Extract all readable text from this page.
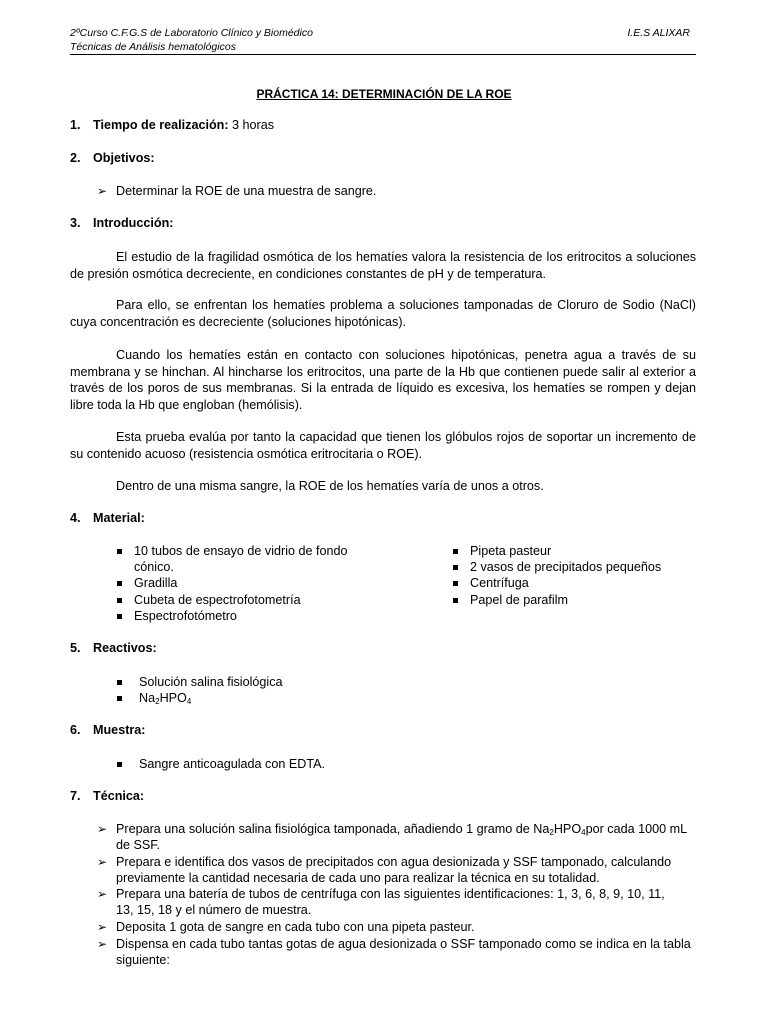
2ºCurso C.F.G.S de Laboratorio Clínico y Biomédico
Técnicas de Análisis hematológicos
I.E.S ALIXAR
PRÁCTICA 14: DETERMINACIÓN DE LA ROE
1. Tiempo de realización: 3 horas
2. Objetivos:
➢ Determinar la ROE de una muestra de sangre.
3. Introducción:
El estudio de la fragilidad osmótica de los hematíes valora la resistencia de los eritrocitos a soluciones de presión osmótica decreciente, en condiciones constantes de pH y de temperatura.
Para ello, se enfrentan los hematíes problema a soluciones tamponadas de Cloruro de Sodio (NaCl) cuya concentración es decreciente (soluciones hipotónicas).
Cuando los hematíes están en contacto con soluciones hipotónicas, penetra agua a través de su membrana y se hinchan. Al hincharse los eritrocitos, una parte de la Hb que contienen puede salir al exterior a través de los poros de sus membranas. Si la entrada de líquido es excesiva, los hematíes se rompen y dejan libre toda la Hb que engloban (hemólisis).
Esta prueba evalúa por tanto la capacidad que tienen los glóbulos rojos de soportar un incremento de su contenido acuoso (resistencia osmótica eritrocitaria o ROE).
Dentro de una misma sangre, la ROE de los hematíes varía de unos a otros.
4. Material:
10 tubos de ensayo de vidrio de fondo
cónico.
Gradilla
Cubeta de espectrofotometría
Espectrofotómetro
Pipeta pasteur
2 vasos de precipitados pequeños
Centrífuga
Papel de parafilm
5. Reactivos:
Solución salina fisiológica
$Na_2HPO_4$
6. Muestra:
Sangre anticoagulada con EDTA.
7. Técnica:
➢ Prepara una solución salina fisiológica tamponada, añadiendo 1 gramo de $Na_2HPO_4por$ cada 1000 mL
de SSF.
➢ Prepara e identifica dos vasos de precipitados con agua desionizada y SSF tamponado, calculando
previamente la cantidad necesaria de cada uno para realizar la técnica en su totalidad.
➢ Prepara una batería de tubos de centrífuga con las siguientes identificaciones: 1, 3, 6, 8, 9, 10, 11,
13, 15, 18 y el número de muestra.
➢ Deposita 1 gota de sangre en cada tubo con una pipeta pasteur.
➢ Dispensa en cada tubo tantas gotas de agua desionizada o SSF tamponado como se indica en la tabla
siguiente:
